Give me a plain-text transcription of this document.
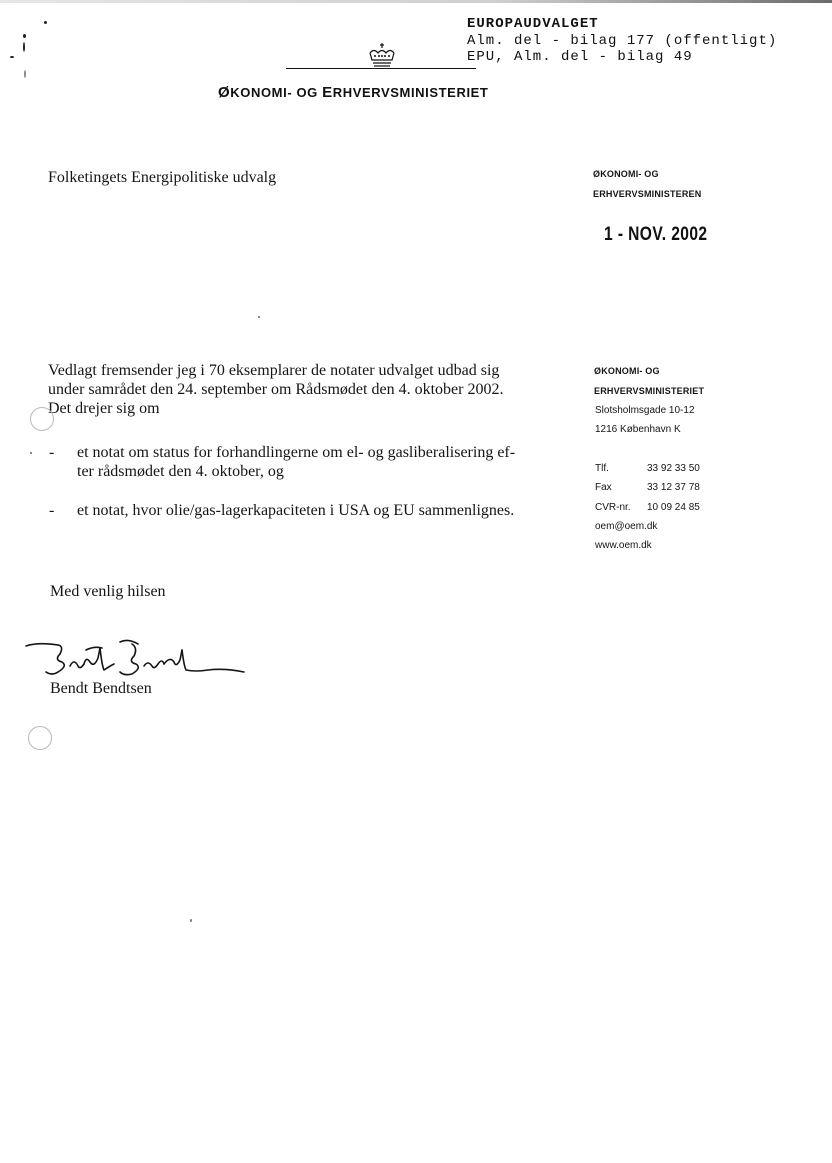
EUROPAUDVALGET
Alm. del - bilag 177 (offentligt)
EPU, Alm. del - bilag 49
ØKONOMI- OG ERHVERVSMINISTERIET
Folketingets Energipolitiske udvalg	ØKONOMI- OG
ERHVERVSMINISTEREN
1 - NOV. 2002
Vedlagt fremsender jeg i 70 eksemplarer de notater udvalget udbad sig
under samrådet den 24. september om Rådsmødet den 4. oktober 2002.
Det drejer sig om
- et notat om status for forhandlingerne om el- og gasliberalisering ef-
ter rådsmødet den 4. oktober, og
- et notat, hvor olie/gas-lagerkapaciteten i USA og EU sammenlignes.
ØKONOMI- OG
ERHVERVSMINISTERIET
Slotsholmsgade 10-12
1216 København K
Tlf.	33 92 33 50
Fax	33 12 37 78
CVR-nr. 10 09 24 85
oem@oem.dk
www.oem.dk
Med venlig hilsen
Bendt Bendtsen
